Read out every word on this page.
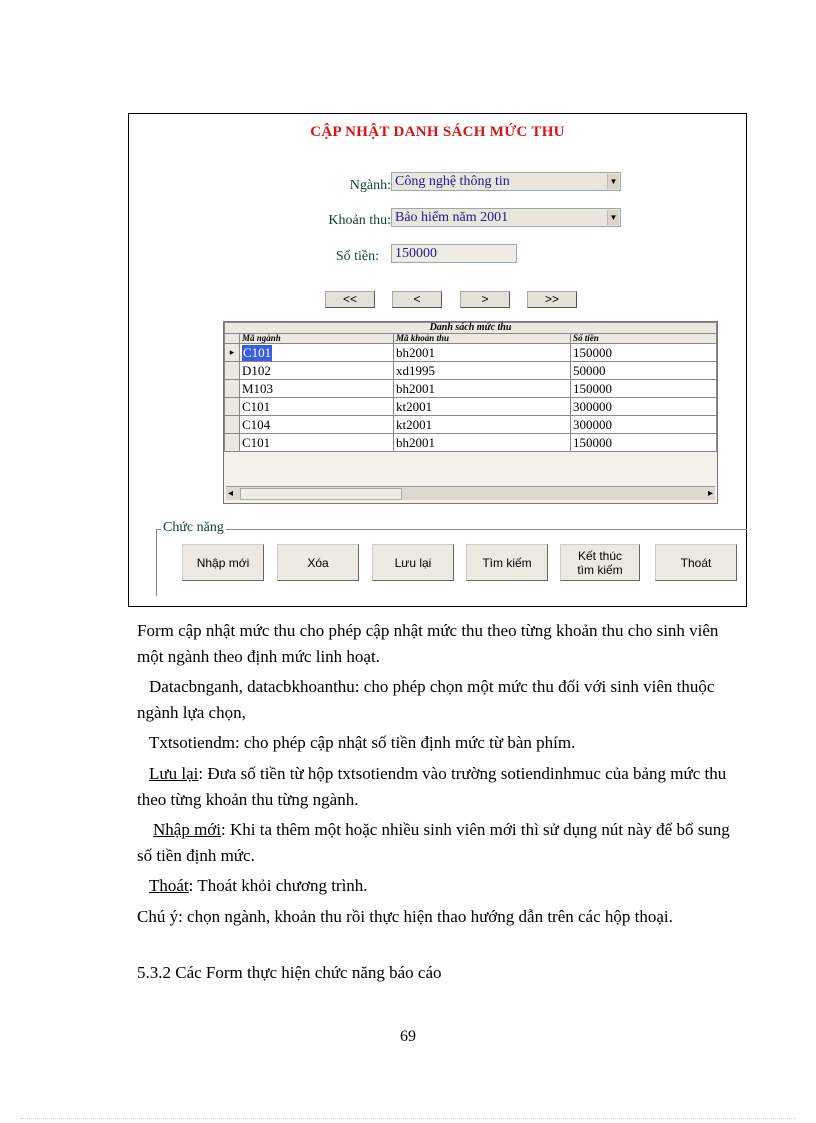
CẬP NHẬT DANH SÁCH MỨC THU
Ngành: Công nghệ thông tin	▼
Khoản thu: Bảo hiểm năm 2001	▼
Số tiền: 150000
<<	<	>	>>
Danh sách mức thu			
	Mã ngành	Mã khoản thu	Số tiền
▸	C101	bh2001	150000
	D102	xd1995	50000
	M103	bh2001	150000
	C101	kt2001	300000
	C104	kt2001	300000
	C101	bh2001	150000
◂	▸
Chức năng
Nhập mới	Xóa	Lưu lại	Tìm kiếm	Kết thúc tìm kiếm	Thoát
Form cập nhật mức thu cho phép cập nhật mức thu theo từng khoản thu cho sinh viên một ngành theo định mức linh hoạt.
Datacbnganh, datacbkhoanthu: cho phép chọn một mức thu đối với sinh viên thuộc ngành lựa chọn,
Txtsotiendm: cho phép cập nhật số tiền định mức từ bàn phím.
Lưu lại: Đưa số tiền từ hộp txtsotiendm vào trường sotiendinhmuc của bảng mức thu theo từng khoản thu từng ngành.
Nhập mới: Khi ta thêm một hoặc nhiều sinh viên mới thì sử dụng nút này để bổ sung số tiền định mức.
Thoát: Thoát khỏi chương trình.
Chú ý: chọn ngành, khoản thu rồi thực hiện thao hướng dẫn trên các hộp thoại.
5.3.2 Các Form thực hiện chức năng báo cáo
69
